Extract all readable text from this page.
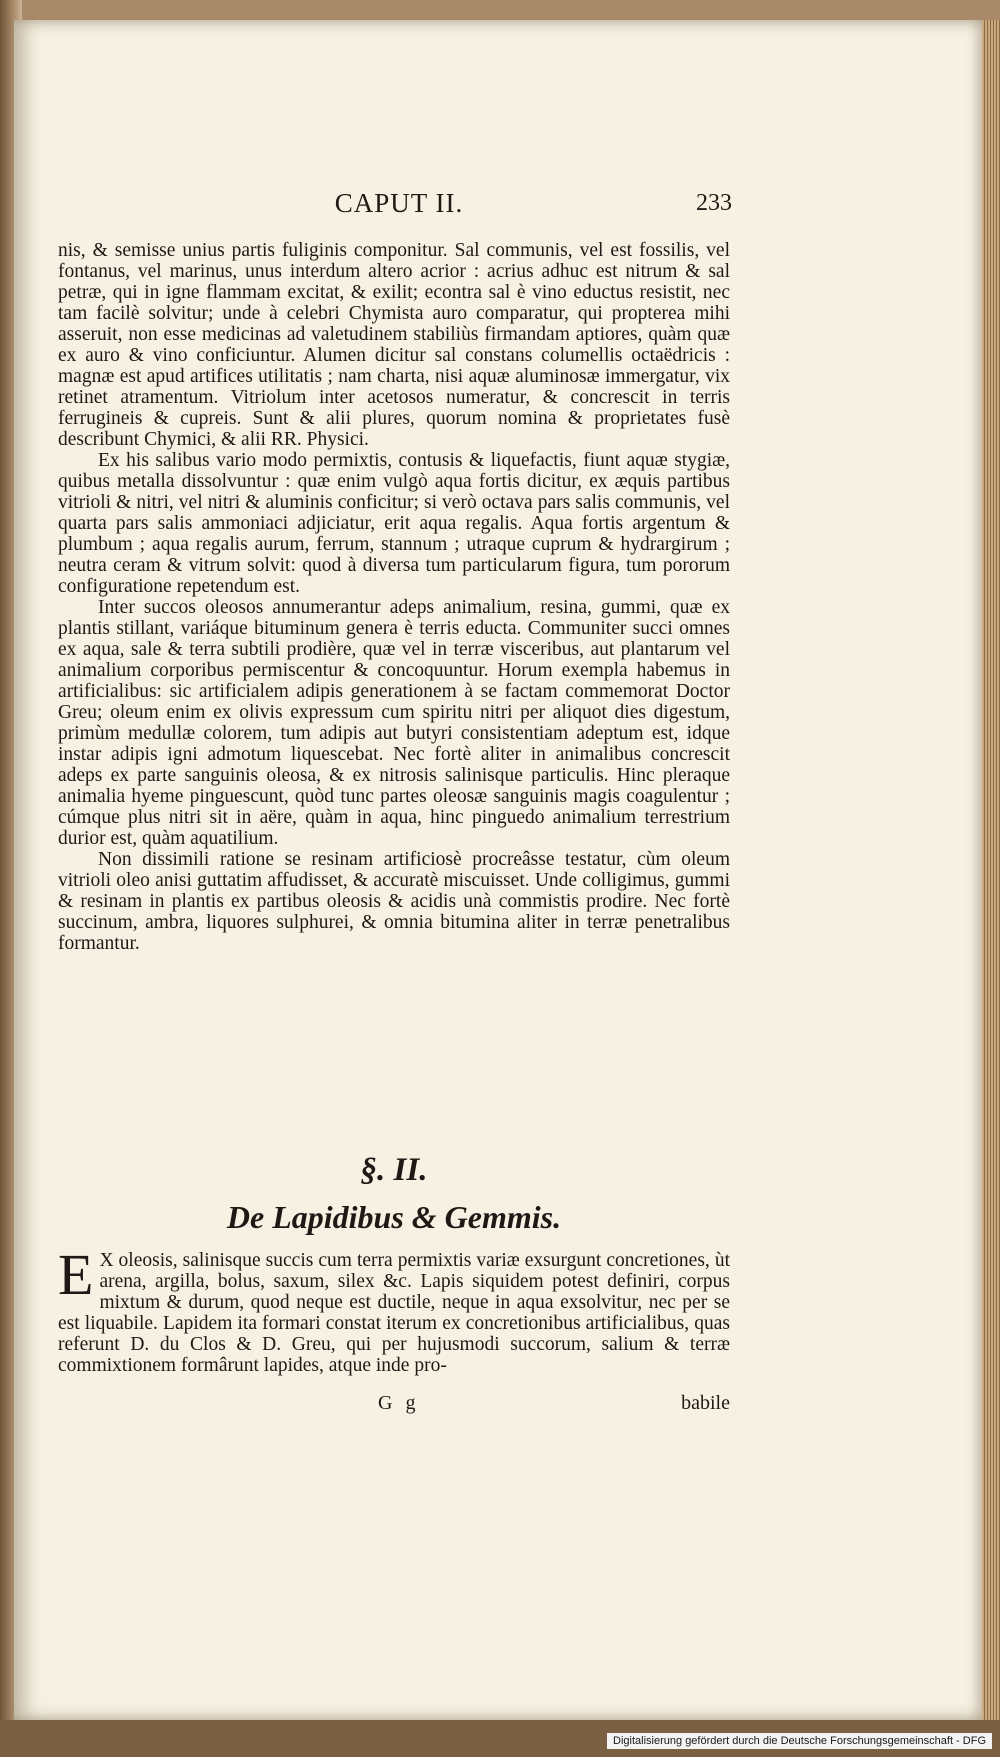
CAPUT II.	233

nis, & semisse unius partis fuliginis componitur. Sal communis, vel est fossilis, vel fontanus, vel marinus, unus interdum altero acrior : acrius adhuc est nitrum & sal petræ, qui in igne flammam excitat, & exilit; econtra sal è vino eductus resistit, nec tam facilè solvitur; unde à celebri Chymista auro comparatur, qui propterea mihi asseruit, non esse medicinas ad valetudinem stabiliùs firmandam aptiores, quàm quæ ex auro & vino conficiuntur. Alumen dicitur sal constans columellis octaëdricis : magnæ est apud artifices utilitatis ; nam charta, nisi aquæ aluminosæ immergatur, vix retinet atramentum. Vitriolum inter acetosos numeratur, & concrescit in terris ferrugineis & cupreis. Sunt & alii plures, quorum nomina & proprietates fusè describunt Chymici, & alii RR. Physici.

Ex his salibus vario modo permixtis, contusis & liquefactis, fiunt aquæ stygiæ, quibus metalla dissolvuntur : quæ enim vulgò aqua fortis dicitur, ex æquis partibus vitrioli & nitri, vel nitri & aluminis conficitur; si verò octava pars salis communis, vel quarta pars salis ammoniaci adjiciatur, erit aqua regalis. Aqua fortis argentum & plumbum ; aqua regalis aurum, ferrum, stannum ; utraque cuprum & hydrargirum ; neutra ceram & vitrum solvit: quod à diversa tum particularum figura, tum pororum configuratione repetendum est.

Inter succos oleosos annumerantur adeps animalium, resina, gummi, quæ ex plantis stillant, variáque bituminum genera è terris educta. Communiter succi omnes ex aqua, sale & terra subtili prodière, quæ vel in terræ visceribus, aut plantarum vel animalium corporibus permiscentur & concoquuntur. Horum exempla habemus in artificialibus: sic artificialem adipis generationem à se factam commemorat Doctor Greu; oleum enim ex olivis expressum cum spiritu nitri per aliquot dies digestum, primùm medullæ colorem, tum adipis aut butyri consistentiam adeptum est, idque instar adipis igni admotum liquescebat. Nec fortè aliter in animalibus concrescit adeps ex parte sanguinis oleosa, & ex nitrosis salinisque particulis. Hinc pleraque animalia hyeme pinguescunt, quòd tunc partes oleosæ sanguinis magis coagulentur ; cúmque plus nitri sit in aëre, quàm in aqua, hinc pinguedo animalium terrestrium durior est, quàm aquatilium.

Non dissimili ratione se resinam artificiosè procreâsse testatur, cùm oleum vitrioli oleo anisi guttatim affudisset, & accuratè miscuisset. Unde colligimus, gummi & resinam in plantis ex partibus oleosis & acidis unà commistis prodire. Nec fortè succinum, ambra, liquores sulphurei, & omnia bitumina aliter in terræ penetralibus formantur.

§. II.
De Lapidibus & Gemmis.

E X oleosis, salinisque succis cum terra permixtis variæ exsurgunt concretiones, ùt arena, argilla, bolus, saxum, silex &c. Lapis siquidem potest definiri, corpus mixtum & durum, quod neque est ductile, neque in aqua exsolvitur, nec per se est liquabile. Lapidem ita formari constat iterum ex concretionibus artificialibus, quas referunt D. du Clos & D. Greu, qui per hujusmodi succorum, salium & terræ commixtionem formârunt lapides, atque inde pro-

G g	babile
Digitalisierung gefördert durch die Deutsche Forschungsgemeinschaft - DFG
